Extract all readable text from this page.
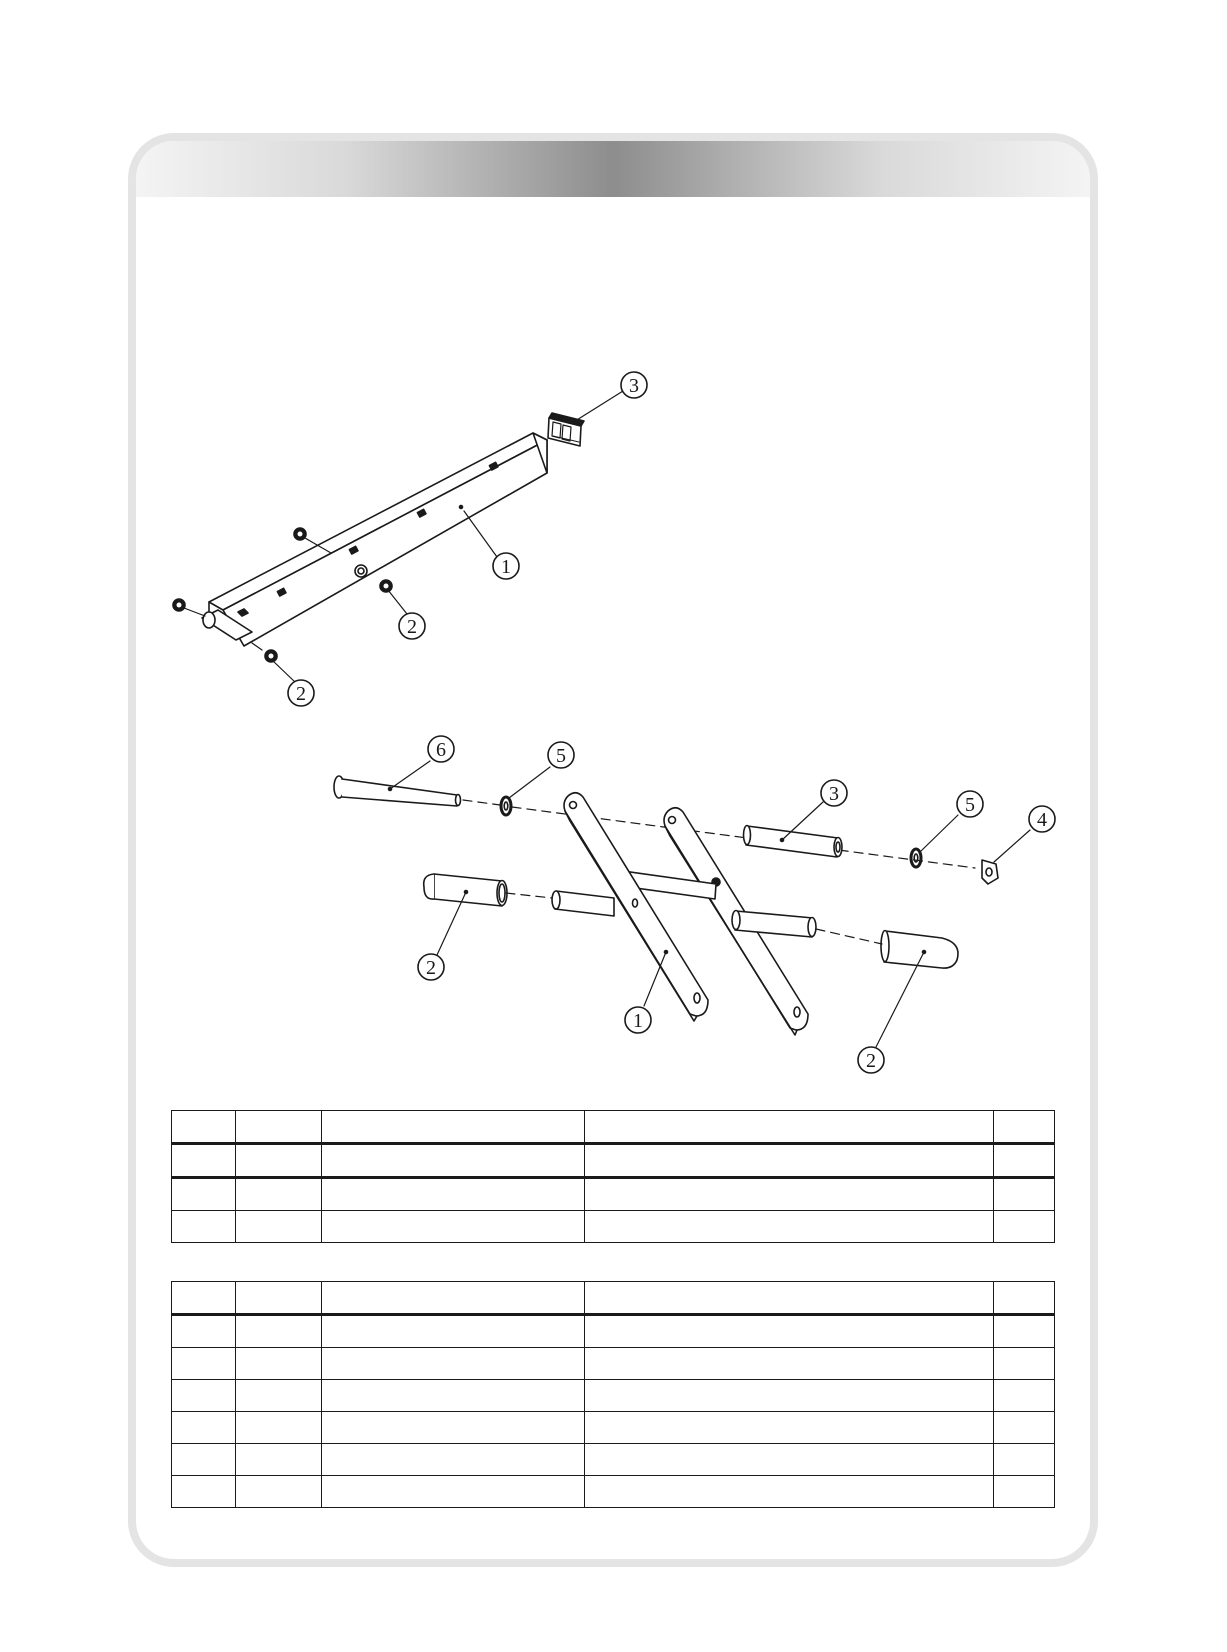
3
1
2
2
6	5
3	5
4
2
1
2
